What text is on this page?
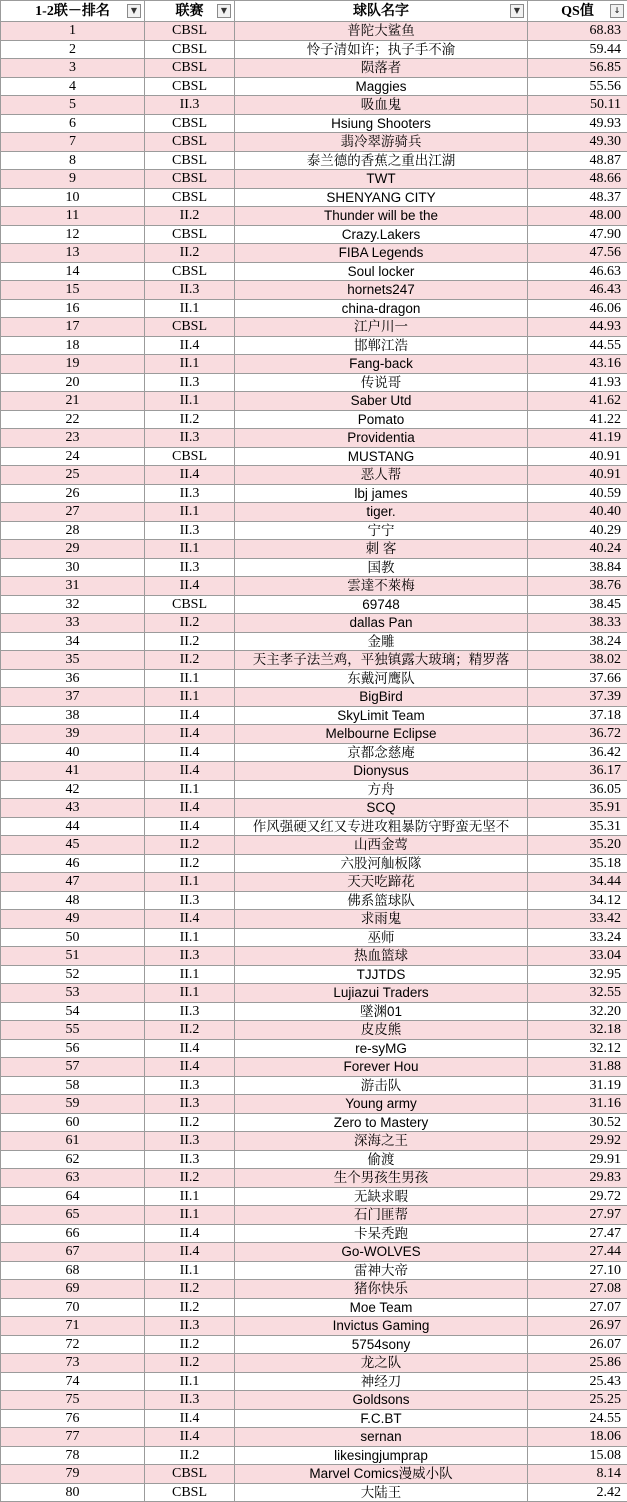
1-2联－排名 ▼	联赛 ▼	球队名字 ▼	QS值 ↓

1	CBSL	普陀大鲨鱼	68.83
2	CBSL	怜子清如许；执子手不渝	59.44
3	CBSL	陨落者	56.85
4	CBSL	Maggies	55.56
5	II.3	吸血鬼	50.11
6	CBSL	Hsiung Shooters	49.93
7	CBSL	翡冷翠游骑兵	49.30
8	CBSL	泰兰德的香蕉之重出江湖	48.87
9	CBSL	TWT	48.66
10	CBSL	SHENYANG CITY	48.37
11	II.2	Thunder will be the	48.00
12	CBSL	Crazy.Lakers	47.90
13	II.2	FIBA Legends	47.56
14	CBSL	Soul locker	46.63
15	II.3	hornets247	46.43
16	II.1	china-dragon	46.06
17	CBSL	江户川一	44.93
18	II.4	邯郸江浩	44.55
19	II.1	Fang-back	43.16
20	II.3	传说哥	41.93
21	II.1	Saber Utd	41.62
22	II.2	Pomato	41.22
23	II.3	Providentia	41.19
24	CBSL	MUSTANG	40.91
25	II.4	恶人帮	40.91
26	II.3	lbj james	40.59
27	II.1	tiger.	40.40
28	II.3	宁宁	40.29
29	II.1	刺 客	40.24
30	II.3	国教	38.84
31	II.4	雲達不萊梅	38.76
32	CBSL	69748	38.45
33	II.2	dallas Pan	38.33
34	II.2	金雕	38.24
35	II.2	天主孝子法兰鸡，平独镇露大玻璃；精罗落	38.02
36	II.1	东戴河鹰队	37.66
37	II.1	BigBird	37.39
38	II.4	SkyLimit Team	37.18
39	II.4	Melbourne Eclipse	36.72
40	II.4	京都念慈庵	36.42
41	II.4	Dionysus	36.17
42	II.1	方舟	36.05
43	II.4	SCQ	35.91
44	II.4	作风强硬又红又专进攻粗暴防守野蛮无坚不	35.31
45	II.2	山西金莺	35.20
46	II.2	六股河舢板隊	35.18
47	II.1	天天吃蹄花	34.44
48	II.3	佛系篮球队	34.12
49	II.4	求雨鬼	33.42
50	II.1	巫师	33.24
51	II.3	热血篮球	33.04
52	II.1	TJJTDS	32.95
53	II.1	Lujiazui Traders	32.55
54	II.3	墜渊01	32.20
55	II.2	皮皮熊	32.18
56	II.4	re-syMG	32.12
57	II.4	Forever Hou	31.88
58	II.3	游击队	31.19
59	II.3	Young army	31.16
60	II.2	Zero to Mastery	30.52
61	II.3	深海之王	29.92
62	II.3	偷渡	29.91
63	II.2	生个男孩生男孩	29.83
64	II.1	无缺求暇	29.72
65	II.1	石门匪帮	27.97
66	II.4	卡呆秃跑	27.47
67	II.4	Go-WOLVES	27.44
68	II.1	雷神大帝	27.10
69	II.2	猪你快乐	27.08
70	II.2	Moe Team	27.07
71	II.3	Invictus Gaming	26.97
72	II.2	5754sony	26.07
73	II.2	龙之队	25.86
74	II.1	神经刀	25.43
75	II.3	Goldsons	25.25
76	II.4	F.C.BT	24.55
77	II.4	sernan	18.06
78	II.2	likesingjumprap	15.08
79	CBSL	Marvel Comics漫威小队	8.14
80	CBSL	大陆王	2.42
